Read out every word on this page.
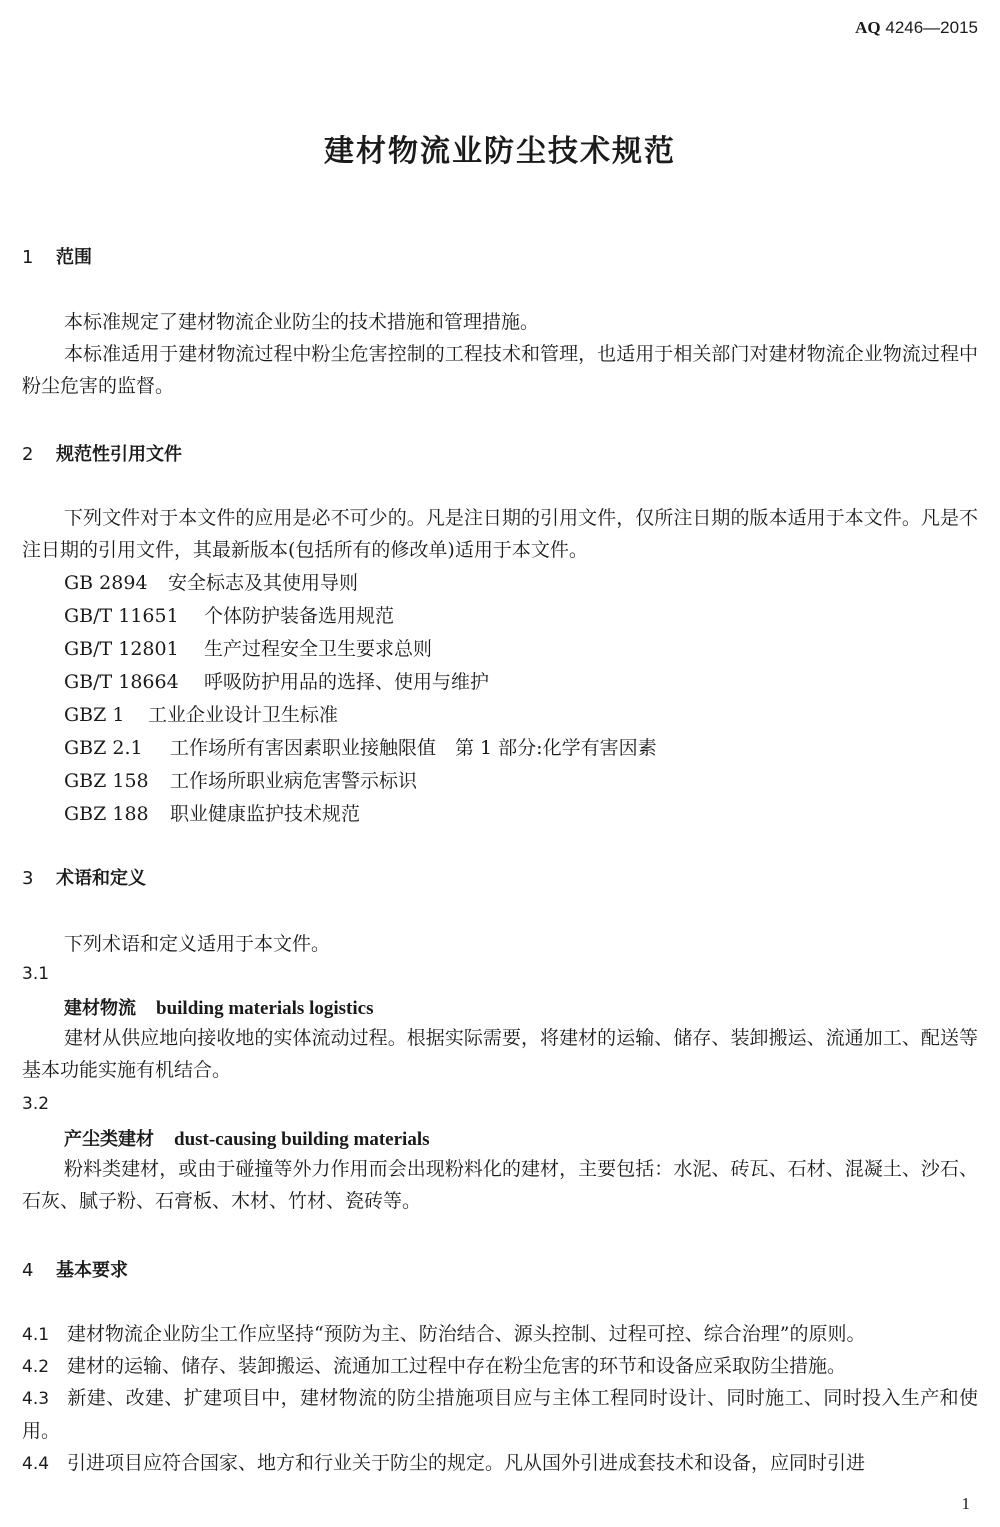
AQ 4246—2015
建材物流业防尘技术规范
1 范围
本标准规定了建材物流企业防尘的技术措施和管理措施。
本标准适用于建材物流过程中粉尘危害控制的工程技术和管理，也适用于相关部门对建材物流企业物流过程中粉尘危害的监督。
2 规范性引用文件
下列文件对于本文件的应用是必不可少的。凡是注日期的引用文件，仅所注日期的版本适用于本文件。凡是不注日期的引用文件，其最新版本(包括所有的修改单)适用于本文件。
GB 2894 安全标志及其使用导则
GB/T 11651 个体防护装备选用规范
GB/T 12801 生产过程安全卫生要求总则
GB/T 18664 呼吸防护用品的选择、使用与维护
GBZ 1 工业企业设计卫生标准
GBZ 2.1 工作场所有害因素职业接触限值　第 1 部分:化学有害因素
GBZ 158 工作场所职业病危害警示标识
GBZ 188 职业健康监护技术规范
3 术语和定义
下列术语和定义适用于本文件。
3.1
建材物流 building materials logistics
建材从供应地向接收地的实体流动过程。根据实际需要，将建材的运输、储存、装卸搬运、流通加工、配送等基本功能实施有机结合。
3.2
产尘类建材 dust-causing building materials
粉料类建材，或由于碰撞等外力作用而会出现粉料化的建材，主要包括：水泥、砖瓦、石材、混凝土、沙石、石灰、腻子粉、石膏板、木材、竹材、瓷砖等。
4 基本要求
4.1 建材物流企业防尘工作应坚持“预防为主、防治结合、源头控制、过程可控、综合治理”的原则。
4.2 建材的运输、储存、装卸搬运、流通加工过程中存在粉尘危害的环节和设备应采取防尘措施。
4.3 新建、改建、扩建项目中，建材物流的防尘措施项目应与主体工程同时设计、同时施工、同时投入生产和使用。
4.4 引进项目应符合国家、地方和行业关于防尘的规定。凡从国外引进成套技术和设备，应同时引进
1
